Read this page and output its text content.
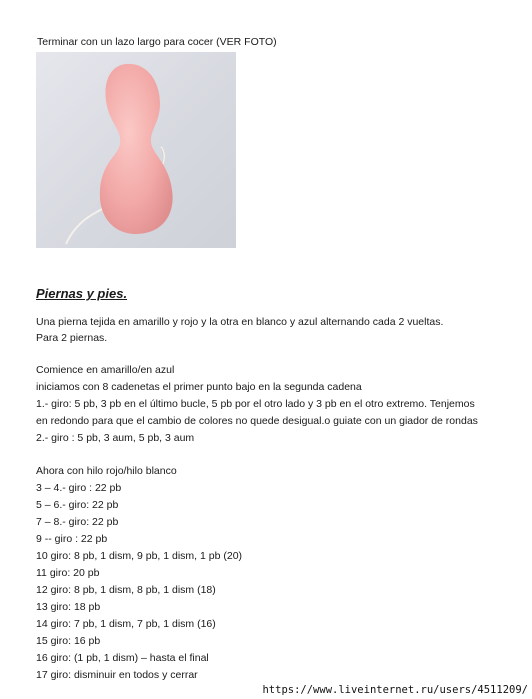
Terminar con un lazo largo para cocer (VER FOTO)
Piernas y pies.
Una pierna tejida en amarillo y rojo y la otra en blanco y azul alternando cada 2 vueltas.
Para 2 piernas.
Comience en amarillo/en azul
iniciamos con 8 cadenetas el primer punto bajo en la segunda cadena
1.- giro: 5 pb, 3 pb en el último bucle, 5 pb por el otro lado y 3 pb en el otro extremo. Tenjemos
en redondo para que el cambio de colores no quede desigual.o guiate con un giador de rondas
2.- giro : 5 pb, 3 aum, 5 pb, 3 aum
Ahora con hilo rojo/hilo blanco
3 – 4.- giro : 22 pb
5 – 6.- giro: 22 pb
7 – 8.- giro: 22 pb
9 -- giro : 22 pb
10 giro: 8 pb, 1 dism, 9 pb, 1 dism, 1 pb (20)
11 giro: 20 pb
12 giro: 8 pb, 1 dism, 8 pb, 1 dism (18)
13 giro: 18 pb
14 giro: 7 pb, 1 dism, 7 pb, 1 dism (16)
15 giro: 16 pb
16 giro: (1 pb, 1 dism) – hasta el final
17 giro: disminuir en todos y cerrar
https://www.liveinternet.ru/users/4511209/
